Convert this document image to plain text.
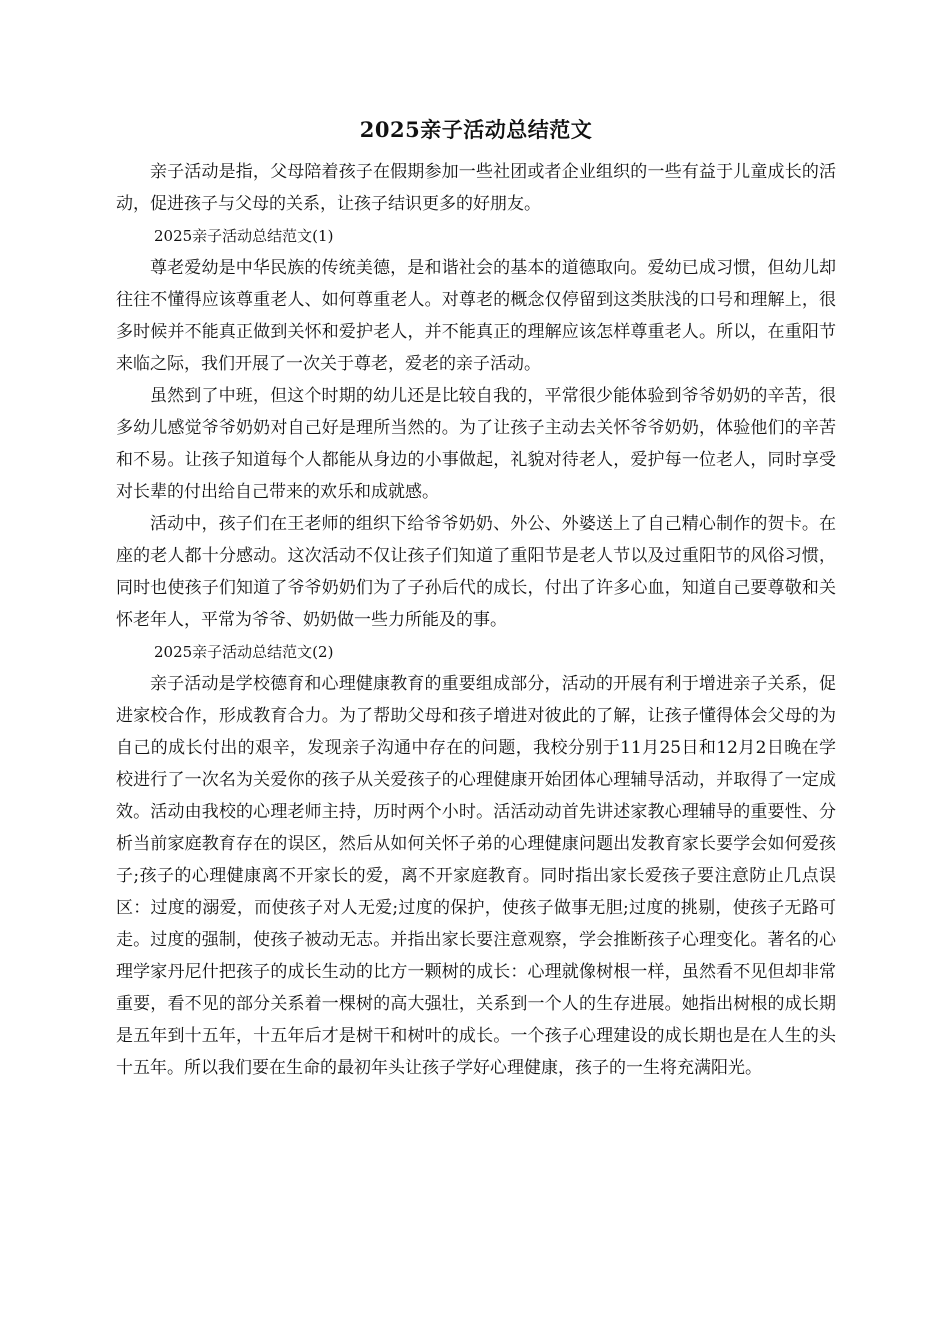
2025亲子活动总结范文

亲子活动是指，父母陪着孩子在假期参加一些社团或者企业组织的一些有益于儿童成长的活动，促进孩子与父母的关系，让孩子结识更多的好朋友。

2025亲子活动总结范文(1)

尊老爱幼是中华民族的传统美德，是和谐社会的基本的道德取向。爱幼已成习惯，但幼儿却往往不懂得应该尊重老人、如何尊重老人。对尊老的概念仅停留到这类肤浅的口号和理解上，很多时候并不能真正做到关怀和爱护老人，并不能真正的理解应该怎样尊重老人。所以，在重阳节来临之际，我们开展了一次关于尊老，爱老的亲子活动。

虽然到了中班，但这个时期的幼儿还是比较自我的，平常很少能体验到爷爷奶奶的辛苦，很多幼儿感觉爷爷奶奶对自己好是理所当然的。为了让孩子主动去关怀爷爷奶奶，体验他们的辛苦和不易。让孩子知道每个人都能从身边的小事做起，礼貌对待老人，爱护每一位老人，同时享受对长辈的付出给自己带来的欢乐和成就感。

活动中，孩子们在王老师的组织下给爷爷奶奶、外公、外婆送上了自己精心制作的贺卡。在座的老人都十分感动。这次活动不仅让孩子们知道了重阳节是老人节以及过重阳节的风俗习惯，同时也使孩子们知道了爷爷奶奶们为了子孙后代的成长，付出了许多心血，知道自己要尊敬和关怀老年人，平常为爷爷、奶奶做一些力所能及的事。

2025亲子活动总结范文(2)

亲子活动是学校德育和心理健康教育的重要组成部分，活动的开展有利于增进亲子关系，促进家校合作，形成教育合力。为了帮助父母和孩子增进对彼此的了解，让孩子懂得体会父母的为自己的成长付出的艰辛，发现亲子沟通中存在的问题，我校分别于11月25日和12月2日晚在学校进行了一次名为关爱你的孩子从关爱孩子的心理健康开始团体心理辅导活动，并取得了一定成效。活动由我校的心理老师主持，历时两个小时。活活动动首先讲述家教心理辅导的重要性、分析当前家庭教育存在的误区，然后从如何关怀子弟的心理健康问题出发教育家长要学会如何爱孩子;孩子的心理健康离不开家长的爱，离不开家庭教育。同时指出家长爱孩子要注意防止几点误区：过度的溺爱，而使孩子对人无爱;过度的保护，使孩子做事无胆;过度的挑剔，使孩子无路可走。过度的强制，使孩子被动无志。并指出家长要注意观察，学会推断孩子心理变化。著名的心理学家丹尼什把孩子的成长生动的比方一颗树的成长：心理就像树根一样，虽然看不见但却非常重要，看不见的部分关系着一棵树的高大强壮，关系到一个人的生存进展。她指出树根的成长期是五年到十五年，十五年后才是树干和树叶的成长。一个孩子心理建设的成长期也是在人生的头十五年。所以我们要在生命的最初年头让孩子学好心理健康，孩子的一生将充满阳光。
